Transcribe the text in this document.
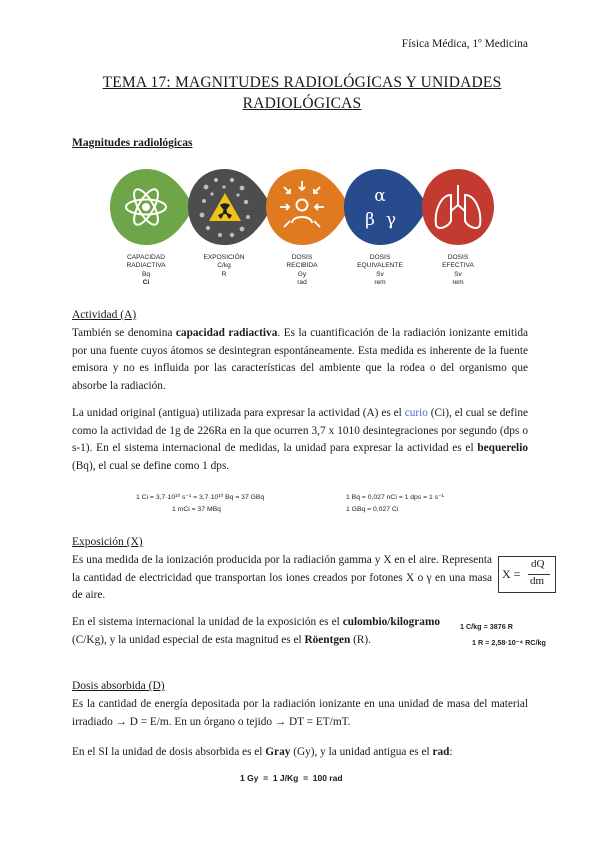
Física Médica, 1º Medicina
TEMA 17: MAGNITUDES RADIOLÓGICAS Y UNIDADES RADIOLÓGICAS
Magnitudes radiológicas
α
β γ
CAPACIDAD
RADIACTIVA
Bq
Ci
EXPOSICIÓN
C/kg
R
DOSIS
RECIBIDA
Gy
rad
DOSIS
EQUIVALENTE
Sv
rem
DOSIS
EFECTIVA
Sv
rem
Actividad (A)
También se denomina capacidad radiactiva. Es la cuantificación de la radiación ionizante emitida por una fuente cuyos átomos se desintegran espontáneamente. Esta medida es inherente de la fuente emisora y no es influida por las características del ambiente que la rodea o del organismo que absorbe la radiación.
La unidad original (antigua) utilizada para expresar la actividad (A) es el curio (Ci), el cual se define como la actividad de 1g de 226Ra en la que ocurren 3,7 x 1010 desintegraciones por segundo (dps o s-1). En el sistema internacional de medidas, la unidad para expresar la actividad es el bequerelio (Bq), el cual se define como 1 dps.
1 Ci = 3,7·10¹⁰ s⁻¹ = 3,7·10¹⁰ Bq = 37 GBq
1 mCi = 37 MBq
1 Bq = 0,027 nCi = 1 dps = 1 s⁻¹
1 GBq = 0,027 Ci
Exposición (X)
Es una medida de la ionización producida por la radiación gamma y X en el aire. Representa la cantidad de electricidad que transportan los iones creados por fotones X o γ en una masa de aire.
X =
dQ
dm
En el sistema internacional la unidad de la exposición es el culombio/kilogramo (C/Kg), y la unidad especial de esta magnitud es el Röentgen (R).
1 C/kg = 3876 R
1 R = 2,58·10⁻⁴ RC/kg
Dosis absorbida (D)
Es la cantidad de energía depositada por la radiación ionizante en una unidad de masa del material irradiado → D = E/m. En un órgano o tejido → DT = ET/mT.
En el SI la unidad de dosis absorbida es el Gray (Gy), y la unidad antigua es el rad:
1 Gy  =  1 J/Kg  =  100 rad
